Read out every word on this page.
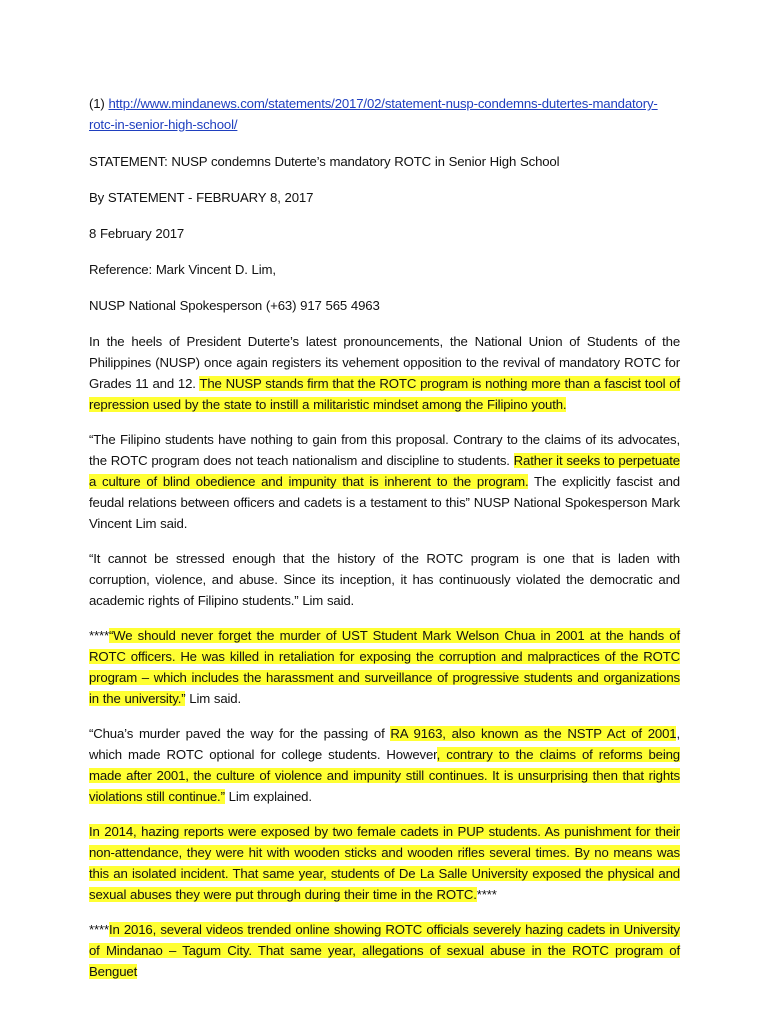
(1) http://www.mindanews.com/statements/2017/02/statement-nusp-condemns-dutertes-mandatory-
rotc-in-senior-high-school/

STATEMENT: NUSP condemns Duterte’s mandatory ROTC in Senior High School

By STATEMENT - FEBRUARY 8, 2017

8 February 2017

Reference: Mark Vincent D. Lim,

NUSP National Spokesperson (+63) 917 565 4963

In the heels of President Duterte’s latest pronouncements, the National Union of Students of the Philippines (NUSP) once again registers its vehement opposition to the revival of mandatory ROTC for Grades 11 and 12. The NUSP stands firm that the ROTC program is nothing more than a fascist tool of repression used by the state to instill a militaristic mindset among the Filipino youth.

“The Filipino students have nothing to gain from this proposal. Contrary to the claims of its advocates, the ROTC program does not teach nationalism and discipline to students. Rather it seeks to perpetuate a culture of blind obedience and impunity that is inherent to the program. The explicitly fascist and feudal relations between officers and cadets is a testament to this” NUSP National Spokesperson Mark Vincent Lim said.

“It cannot be stressed enough that the history of the ROTC program is one that is laden with corruption, violence, and abuse. Since its inception, it has continuously violated the democratic and academic rights of Filipino students.” Lim said.

****“We should never forget the murder of UST Student Mark Welson Chua in 2001 at the hands of ROTC officers. He was killed in retaliation for exposing the corruption and malpractices of the ROTC program – which includes the harassment and surveillance of progressive students and organizations in the university.” Lim said.

“Chua’s murder paved the way for the passing of RA 9163, also known as the NSTP Act of 2001, which made ROTC optional for college students. However, contrary to the claims of reforms being made after 2001, the culture of violence and impunity still continues. It is unsurprising then that rights violations still continue.” Lim explained.

In 2014, hazing reports were exposed by two female cadets in PUP students. As punishment for their non-attendance, they were hit with wooden sticks and wooden rifles several times. By no means was this an isolated incident. That same year, students of De La Salle University exposed the physical and sexual abuses they were put through during their time in the ROTC.****

****In 2016, several videos trended online showing ROTC officials severely hazing cadets in University of Mindanao – Tagum City. That same year, allegations of sexual abuse in the ROTC program of Benguet
